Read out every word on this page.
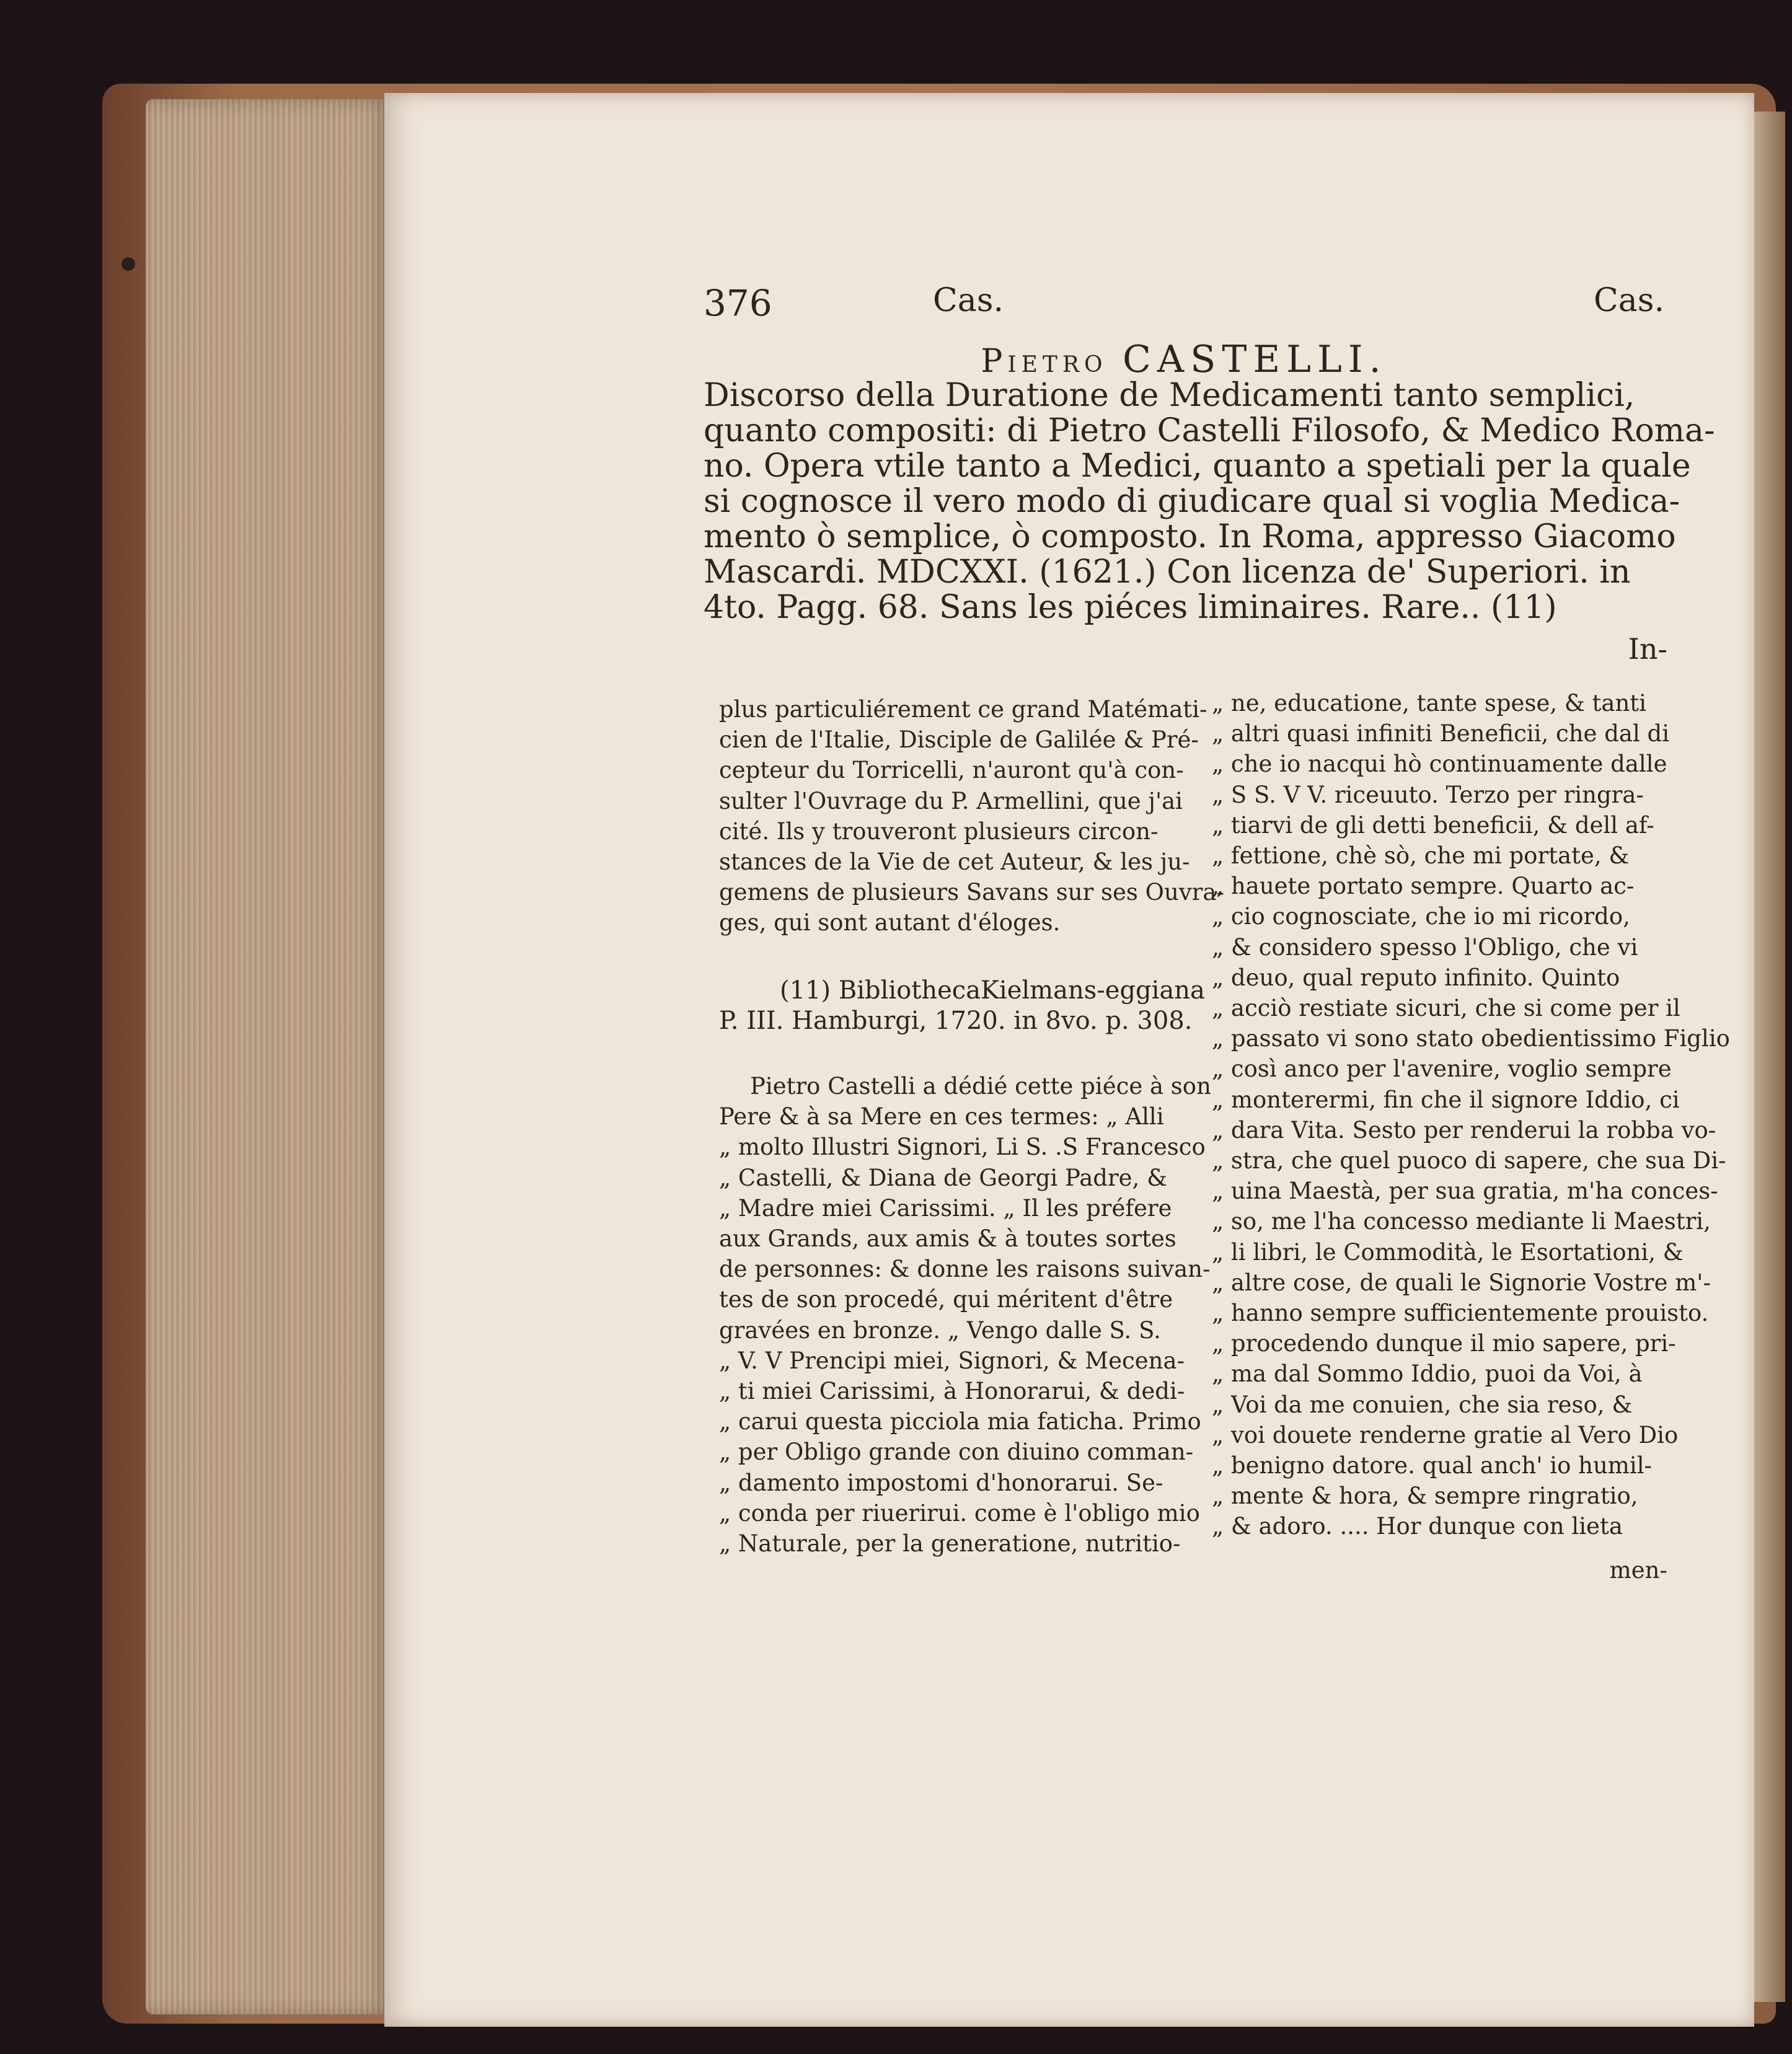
376	Cas.	Cas.
Pietro CASTELLI.
Discorso della Duratione de Medicamenti tanto semplici,
quanto compositi: di Pietro Castelli Filosofo, & Medico Roma-
no. Opera vtile tanto a Medici, quanto a spetiali per la quale
si cognosce il vero modo di giudicare qual si voglia Medica-
mento ò semplice, ò composto. In Roma, appresso Giacomo
Mascardi. MDCXXI. (1621.) Con licenza de' Superiori. in
4to. Pagg. 68. Sans les piéces liminaires. Rare.. (11)
In-
plus particuliérement ce grand Matémati-
cien de l'Italie, Disciple de Galilée & Pré-
cepteur du Torricelli, n'auront qu'à con-
sulter l'Ouvrage du P. Armellini, que j'ai
cité. Ils y trouveront plusieurs circon-
stances de la Vie de cet Auteur, & les ju-
gemens de plusieurs Savans sur ses Ouvra-
ges, qui sont autant d'éloges.
(11) BibliothecaKielmans-eggiana
P. III. Hamburgi, 1720. in 8vo. p. 308.
Pietro Castelli a dédié cette piéce à son
Pere & à sa Mere en ces termes: „ Alli
„ molto Illustri Signori, Li S. .S Francesco
„ Castelli, & Diana de Georgi Padre, &
„ Madre miei Carissimi. „ Il les préfere
aux Grands, aux amis & à toutes sortes
de personnes: & donne les raisons suivan-
tes de son procedé, qui méritent d'être
gravées en bronze. „ Vengo dalle S. S.
„ V. V Prencipi miei, Signori, & Mecena-
„ ti miei Carissimi, à Honorarui, & dedi-
„ carui questa picciola mia faticha. Primo
„ per Obligo grande con diuino comman-
„ damento impostomi d'honorarui. Se-
„ conda per riuerirui. come è l'obligo mio
„ Naturale, per la generatione, nutritio-
„ ne, educatione, tante spese, & tanti
„ altri quasi infiniti Beneficii, che dal di
„ che io nacqui hò continuamente dalle
„ S S. V V. riceuuto. Terzo per ringra-
„ tiarvi de gli detti beneficii, & dell af-
„ fettione, chè sò, che mi portate, &
„ hauete portato sempre. Quarto ac-
„ cio cognosciate, che io mi ricordo,
„ & considero spesso l'Obligo, che vi
„ deuo, qual reputo infinito. Quinto
„ acciò restiate sicuri, che si come per il
„ passato vi sono stato obedientissimo Figlio
„ così anco per l'avenire, voglio sempre
„ monterermi, fin che il signore Iddio, ci
„ dara Vita. Sesto per renderui la robba vo-
„ stra, che quel puoco di sapere, che sua Di-
„ uina Maestà, per sua gratia, m'ha conces-
„ so, me l'ha concesso mediante li Maestri,
„ li libri, le Commodità, le Esortationi, &
„ altre cose, de quali le Signorie Vostre m'-
„ hanno sempre sufficientemente prouisto.
„ procedendo dunque il mio sapere, pri-
„ ma dal Sommo Iddio, puoi da Voi, à
„ Voi da me conuien, che sia reso, &
„ voi douete renderne gratie al Vero Dio
„ benigno datore. qual anch' io humil-
„ mente & hora, & sempre ringratio,
„ & adoro. .... Hor dunque con lieta
men-
